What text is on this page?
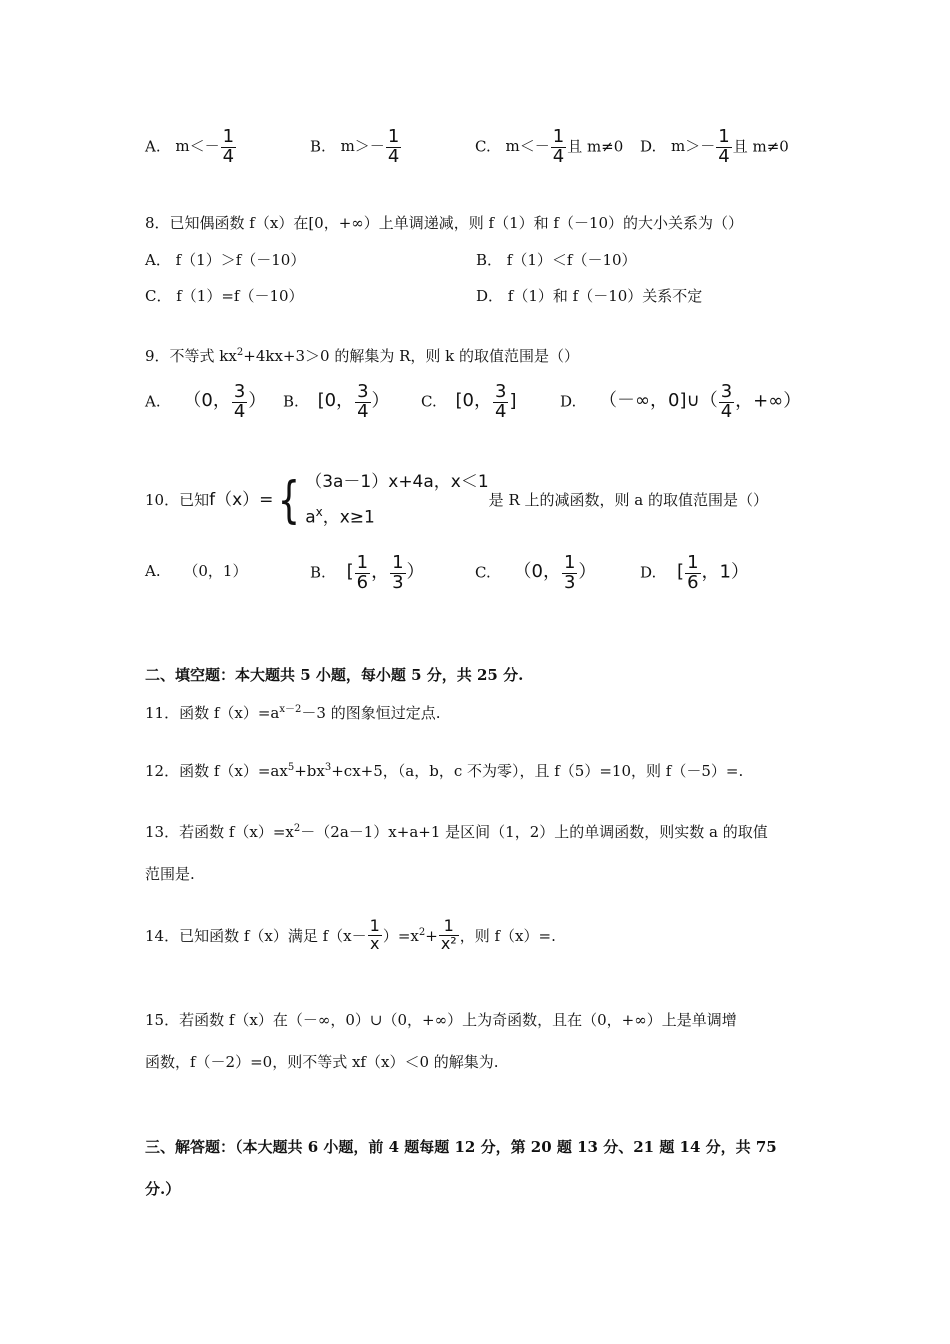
A. $m<- \frac{1}{4}$	B. $m>- \frac{1}{4}$	C. $m<- \frac{1}{4}$ 且 m≠0 D. $m>- \frac{1}{4}$ 且 m≠0
8．已知偶函数 f（x）在[0，+∞）上单调递减，则 f（1）和 f（－10）的大小关系为（）
A． f（1）＞f（－10）	B． f（1）＜f（－10）
C． f（1）=f（－10）	D． f（1）和 f（－10）关系不定
9．不等式 $kx^2+4kx+3>0$ 的解集为 R，则 k 的取值范围是（）
A. （0， $\frac{3}{4}$ ） B. [0， $\frac{3}{4}$ ） C. [0， $\frac{3}{4}$ ]	D. （－∞，0]∪（ $\frac{3}{4}$ ，+∞）
10．已知f（x）={ （3a－1）x+4a，x＜1
$a^x$，x≥1
是 R 上的减函数，则 a 的取值范围是（）
A. （0，1）	B. [ $\frac{1}{6}$ ， $\frac{1}{3}$ ）	C. （0， $\frac{1}{3}$ ）	D. [ $\frac{1}{6}$ ，1）
二、填空题：本大题共 5 小题，每小题 5 分，共 25 分.
11．函数 $f(x)=a^{x-2}-3$ 的图象恒过定点.
12．函数 $f(x)=ax^5+bx^3+cx+5$，（a，b，c 不为零），且 f（5）=10，则 f（－5）=.
13．若函数 $f(x)=x^2-(2a-1)x+a+1$ 是区间（1，2）上的单调函数，则实数 a 的取值
范围是.
14．已知函数 f（x）满足 $f(x- \frac{1}{x} )=x^2+ \frac{1}{\text{x²}}$ ，则 f（x）=.
15．若函数 f（x）在（－∞，0）∪（0，+∞）上为奇函数，且在（0，+∞）上是单调增
函数，f（－2）=0，则不等式 xf（x）＜0 的解集为.
三、解答题：（本大题共 6 小题，前 4 题每题 12 分，第 20 题 13 分、21 题 14 分，共 75
分.）
